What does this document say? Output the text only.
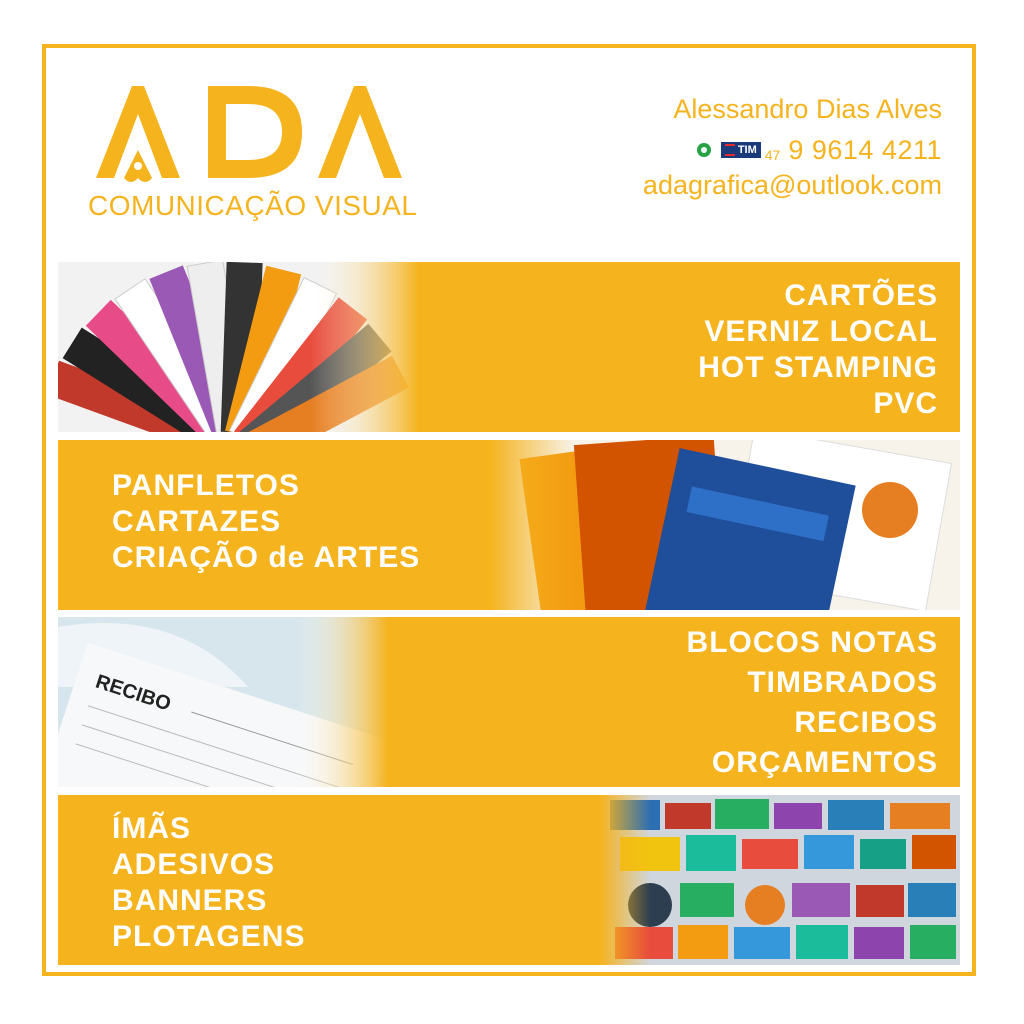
COMUNICAÇÃO VISUAL
Alessandro Dias Alves
TIM 47 9 9614 4211
adagrafica@outlook.com
CARTÕES
VERNIZ LOCAL
HOT STAMPING
PVC
PANFLETOS
CARTAZES
CRIAÇÃO de ARTES
BLOCOS NOTAS
TIMBRADOS
RECIBOS
ORÇAMENTOS
ÍMÃS
ADESIVOS
BANNERS
PLOTAGENS
